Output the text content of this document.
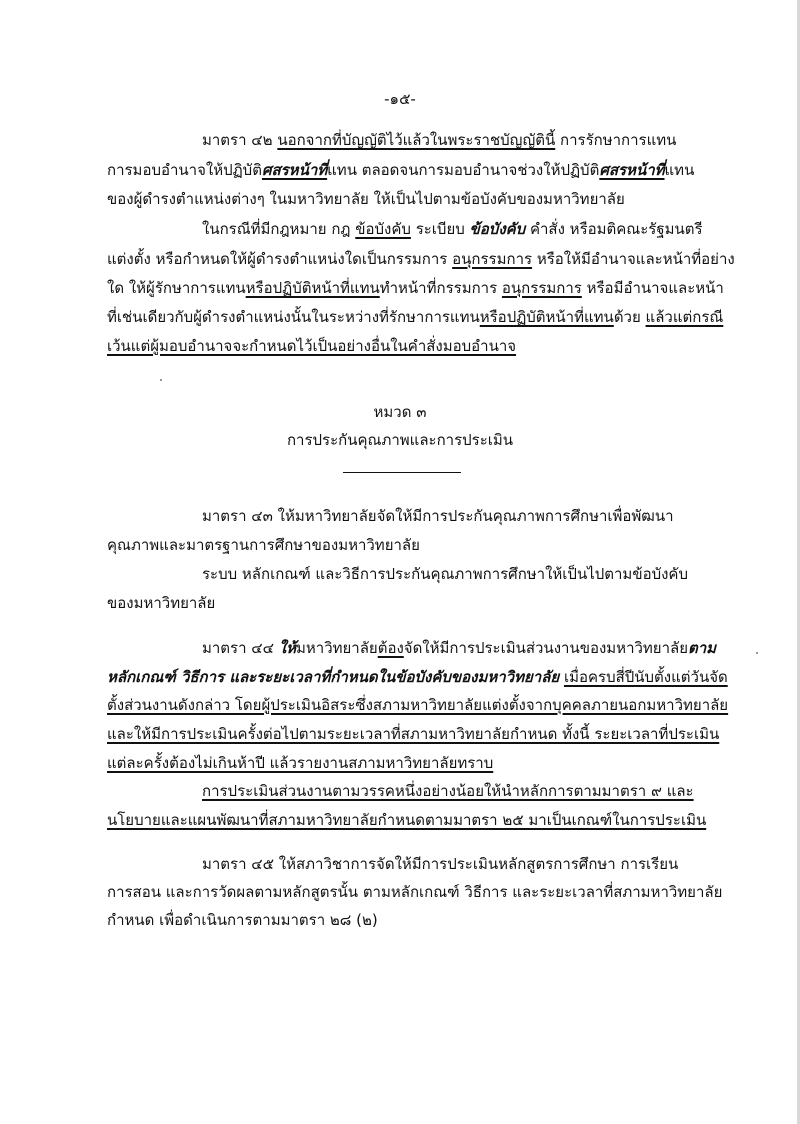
-๑๕-
มาตรา ๔๒ นอกจากที่บัญญัติไว้แล้วในพระราชบัญญัตินี้ การรักษาการแทน
การมอบอำนาจให้ปฏิบัติศสรหน้าที่แทน ตลอดจนการมอบอำนาจช่วงให้ปฏิบัติศสรหน้าที่แทน
ของผู้ดำรงตำแหน่งต่างๆ ในมหาวิทยาลัย ให้เป็นไปตามข้อบังคับของมหาวิทยาลัย
ในกรณีที่มีกฎหมาย กฎ ข้อบังคับ ระเบียบ ข้อบังคับ คำสั่ง หรือมติคณะรัฐมนตรี
แต่งตั้ง หรือกำหนดให้ผู้ดำรงตำแหน่งใดเป็นกรรมการ อนุกรรมการ หรือให้มีอำนาจและหน้าที่อย่าง
ใด ให้ผู้รักษาการแทนหรือปฏิบัติหน้าที่แทนทำหน้าที่กรรมการ อนุกรรมการ หรือมีอำนาจและหน้า
ที่เช่นเดียวกับผู้ดำรงตำแหน่งนั้นในระหว่างที่รักษาการแทนหรือปฏิบัติหน้าที่แทนด้วย แล้วแต่กรณี
เว้นแต่ผู้มอบอำนาจจะกำหนดไว้เป็นอย่างอื่นในคำสั่งมอบอำนาจ
หมวด ๓
การประกันคุณภาพและการประเมิน
มาตรา ๔๓ ให้มหาวิทยาลัยจัดให้มีการประกันคุณภาพการศึกษาเพื่อพัฒนา
คุณภาพและมาตรฐานการศึกษาของมหาวิทยาลัย
ระบบ หลักเกณฑ์ และวิธีการประกันคุณภาพการศึกษาให้เป็นไปตามข้อบังคับ
ของมหาวิทยาลัย
มาตรา ๔๔ ให้มหาวิทยาลัยต้องจัดให้มีการประเมินส่วนงานของมหาวิทยาลัยตาม
หลักเกณฑ์ วิธีการ และระยะเวลาที่กำหนดในข้อบังคับของมหาวิทยาลัย เมื่อครบสี่ปีนับตั้งแต่วันจัด
ตั้งส่วนงานดังกล่าว โดยผู้ประเมินอิสระซึ่งสภามหาวิทยาลัยแต่งตั้งจากบุคคลภายนอกมหาวิทยาลัย
และให้มีการประเมินครั้งต่อไปตามระยะเวลาที่สภามหาวิทยาลัยกำหนด ทั้งนี้ ระยะเวลาที่ประเมิน
แต่ละครั้งต้องไม่เกินห้าปี แล้วรายงานสภามหาวิทยาลัยทราบ
การประเมินส่วนงานตามวรรคหนึ่งอย่างน้อยให้นำหลักการตามมาตรา ๙ และ
นโยบายและแผนพัฒนาที่สภามหาวิทยาลัยกำหนดตามมาตรา ๒๕ มาเป็นเกณฑ์ในการประเมิน
มาตรา ๔๕ ให้สภาวิชาการจัดให้มีการประเมินหลักสูตรการศึกษา การเรียน
การสอน และการวัดผลตามหลักสูตรนั้น ตามหลักเกณฑ์ วิธีการ และระยะเวลาที่สภามหาวิทยาลัย
กำหนด เพื่อดำเนินการตามมาตรา ๒๘ (๒)
